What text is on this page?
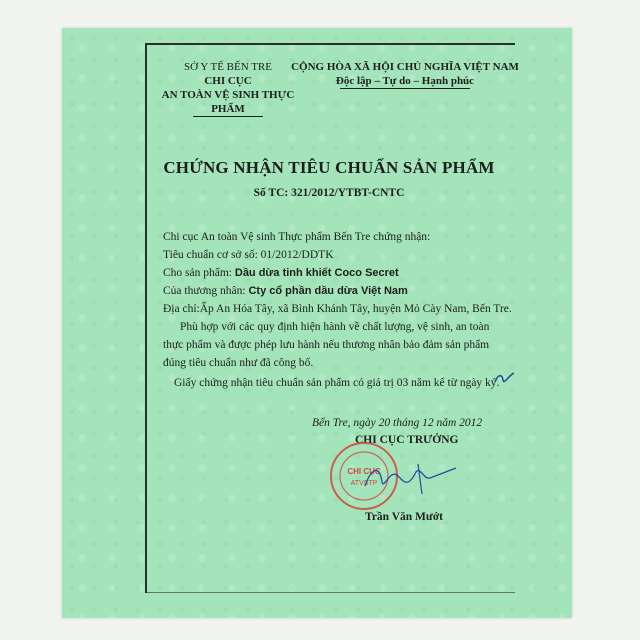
SỞ Y TẾ BẾN TRE
CHI CỤC
AN TOÀN VỆ SINH THỰC PHẨM
CỘNG HÒA XÃ HỘI CHỦ NGHĨA VIỆT NAM
Độc lập – Tự do – Hạnh phúc
CHỨNG NHẬN TIÊU CHUẨN SẢN PHẨM
Số TC: 321/2012/YTBT-CNTC
Chi cục An toàn Vệ sinh Thực phẩm Bến Tre chứng nhận:
Tiêu chuẩn cơ sở số: 01/2012/DDTK
Cho sản phẩm: Dầu dừa tinh khiết Coco Secret
Của thương nhân: Cty cổ phần dầu dừa Việt Nam
Địa chỉ:Ấp An Hóa Tây, xã Bình Khánh Tây, huyện Mỏ Cày Nam, Bến Tre.
Phù hợp với các quy định hiện hành về chất lượng, vệ sinh, an toàn
thực phẩm và được phép lưu hành nếu thương nhân bảo đảm sản phẩm
đúng tiêu chuẩn như đã công bố.
Giấy chứng nhận tiêu chuẩn sản phẩm có giá trị 03 năm kể từ ngày ký.
Bến Tre, ngày 20 tháng 12 năm 2012
CHI CỤC TRƯỞNG
CHI CỤC
ATVSTP
Trần Văn Mướt
